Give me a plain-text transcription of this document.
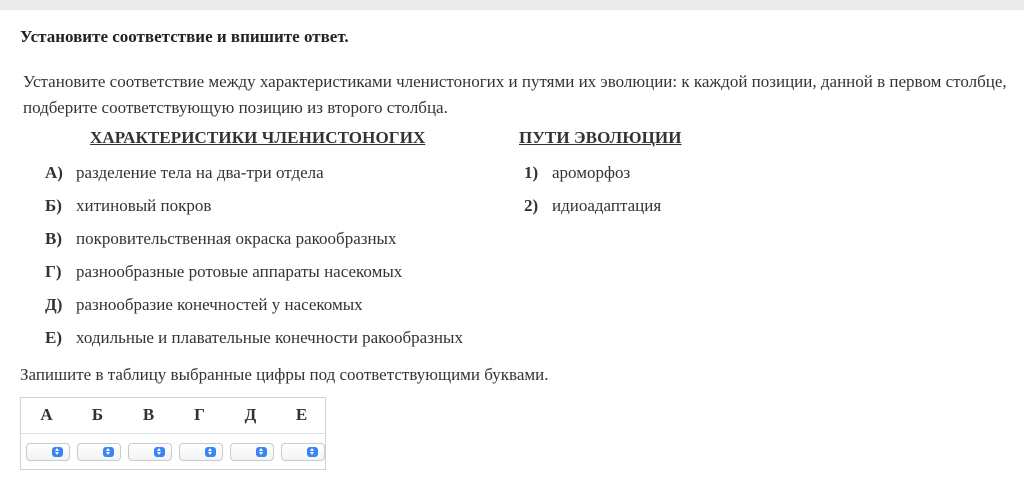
Установите соответствие и впишите ответ.
Установите соответствие между характеристиками членистоногих и путями их эволюции: к каждой позиции, данной в первом столбце, подберите соответствующую позицию из второго столбца.
ХАРАКТЕРИСТИКИ ЧЛЕНИСТОНОГИХ	ПУТИ ЭВОЛЮЦИИ
А) разделение тела на два-три отдела
Б) хитиновый покров
В) покровительственная окраска ракообразных
Г) разнообразные ротовые аппараты насекомых
Д) разнообразие конечностей у насекомых
Е) ходильные и плавательные конечности ракообразных
1) ароморфоз
2) идиоадаптация
Запишите в таблицу выбранные цифры под соответствующими буквами.
А	Б	В	Г	Д	Е
